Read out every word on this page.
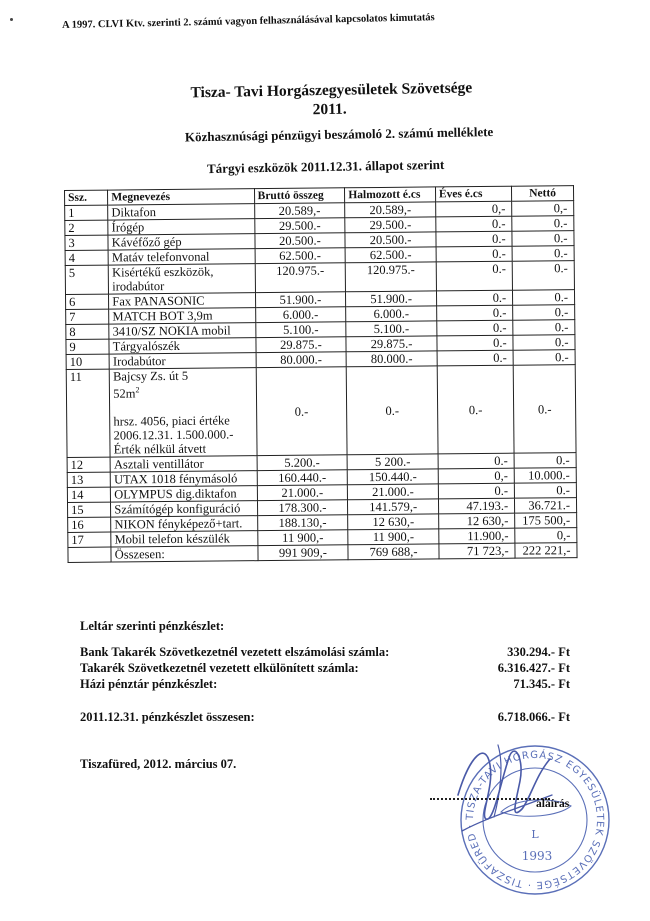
A 1997. CLVI Ktv. szerinti 2. számú vagyon felhasználásával kapcsolatos kimutatás
Tisza- Tavi Horgászegyesületek Szövetsége
2011.
Közhasznúsági pénzügyi beszámoló 2. számú melléklete
Tárgyi eszközök 2011.12.31. állapot szerint
Ssz.	Megnevezés	Bruttó összeg	Halmozott é.cs	Éves é.cs	Nettó
1	Diktafon	20.589,-	20.589,-	0,-	0,-
2	Írógép	29.500.-	29.500.-	0.-	0.-
3	Kávéfőző gép	20.500.-	20.500.-	0.-	0.-
4	Matáv telefonvonal	62.500.-	62.500.-	0.-	0.-
5	Kisértékű eszközök, irodabútor	120.975.-	120.975.-	0.-	0.-
6	Fax PANASONIC	51.900.-	51.900.-	0.-	0.-
7	MATCH BOT 3,9m	6.000.-	6.000.-	0.-	0.-
8	3410/SZ NOKIA mobil	5.100.-	5.100.-	0.-	0.-
9	Tárgyalószék	29.875.-	29.875.-	0.-	0.-
10	Irodabútor	80.000.-	80.000.-	0.-	0.-
11	Bajcsy Zs. út 5
$52m^2$
hrsz. 4056, piaci értéke 2006.12.31. 1.500.000.-
Érték nélkül átvett	0.-	0.-	0.-	0.-
12	Asztali ventillátor	5.200.-	5 200.-	0.-	0.-
13	UTAX 1018 fénymásoló	160.440.-	150.440.-	0,-	10.000.-
14	OLYMPUS dig.diktafon	21.000.-	21.000.-	0.-	0.-
15	Számítógép konfiguráció	178.300.-	141.579,-	47.193.-	36.721.-
16	NIKON fényképező+tart.	188.130,-	12 630,-	12 630,-	175 500,-
17	Mobil telefon készülék	11 900,-	11 900,-	11.900,-	0,-
	Összesen:	991 909,-	769 688,-	71 723,-	222 221,-
Leltár szerinti pénzkészlet:
Bank Takarék Szövetkezetnél vezetett elszámolási számla:	330.294.- Ft
Takarék Szövetkezetnél vezetett elkülönített számla:	6.316.427.- Ft
Házi pénztár pénzkészlet:	71.345.- Ft
2011.12.31. pénzkészlet összesen:	6.718.066.- Ft
Tiszafüred, 2012. március 07.
TISZA-TAVI HORGÁSZ EGYESÜLETEK SZÖVETSÉGE · TISZAFÜRED ·
L
1993
aláírás
